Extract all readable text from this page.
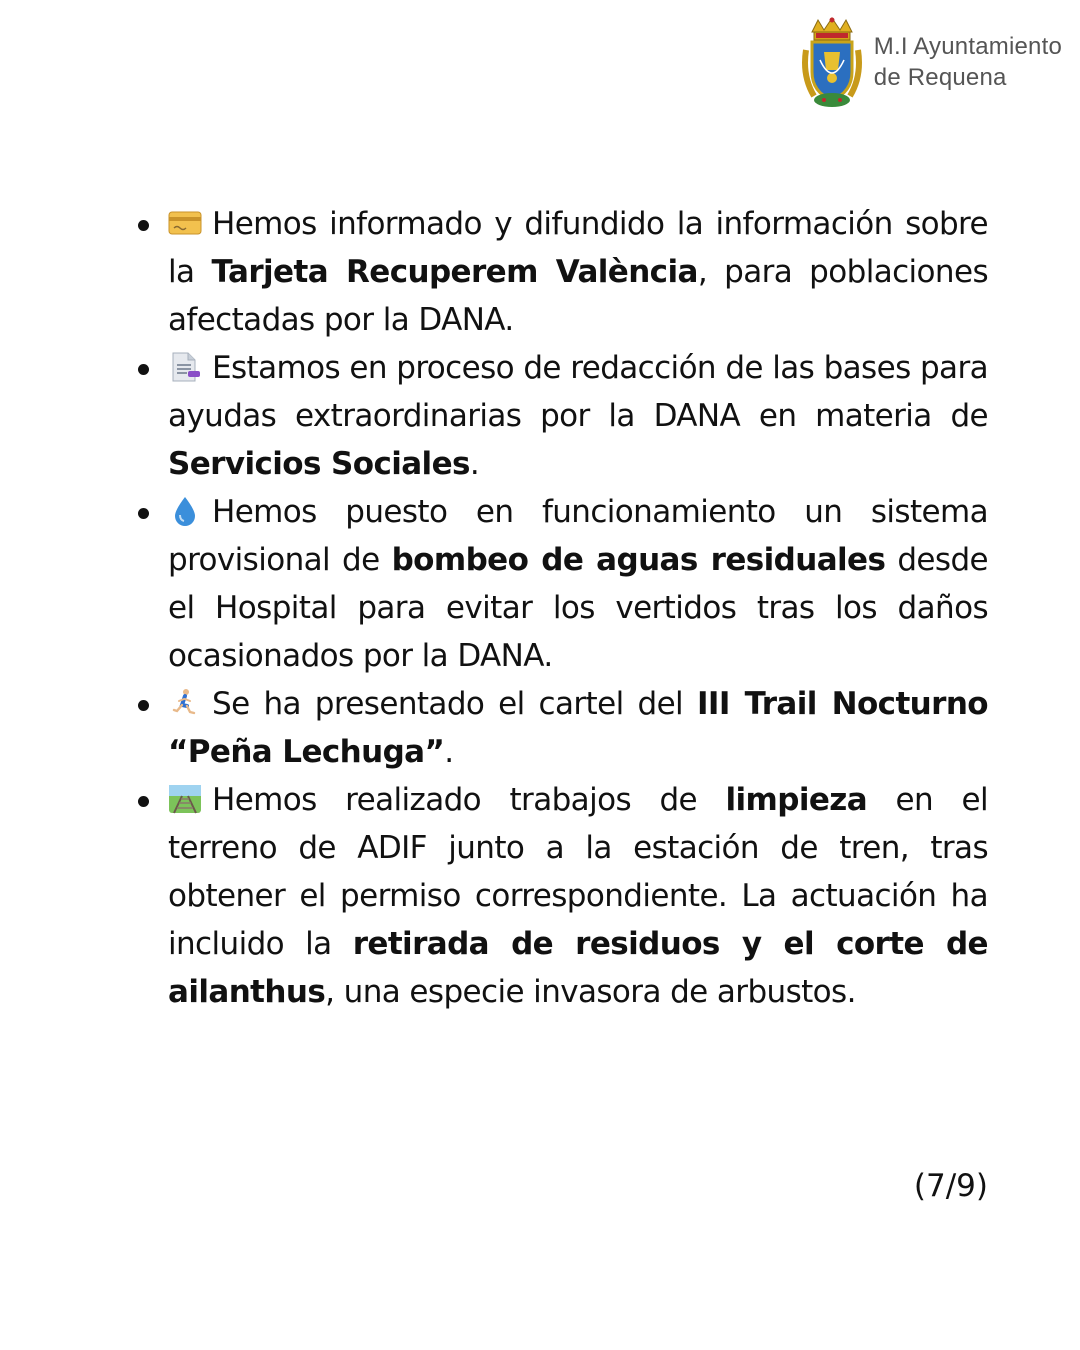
M.I Ayuntamiento
de Requena
Hemos informado y difundido la información sobre la Tarjeta Recuperem València, para poblaciones afectadas por la DANA.
Estamos en proceso de redacción de las bases para ayudas extraordinarias por la DANA en materia de Servicios Sociales.
Hemos puesto en funcionamiento un sistema provisional de bombeo de aguas residuales desde el Hospital para evitar los vertidos tras los daños ocasionados por la DANA.
Se ha presentado el cartel del III Trail Nocturno “Peña Lechuga”.
Hemos realizado trabajos de limpieza en el terreno de ADIF junto a la estación de tren, tras obtener el permiso correspondiente. La actuación ha incluido la retirada de residuos y el corte de ailanthus, una especie invasora de arbustos.
(7/9)
